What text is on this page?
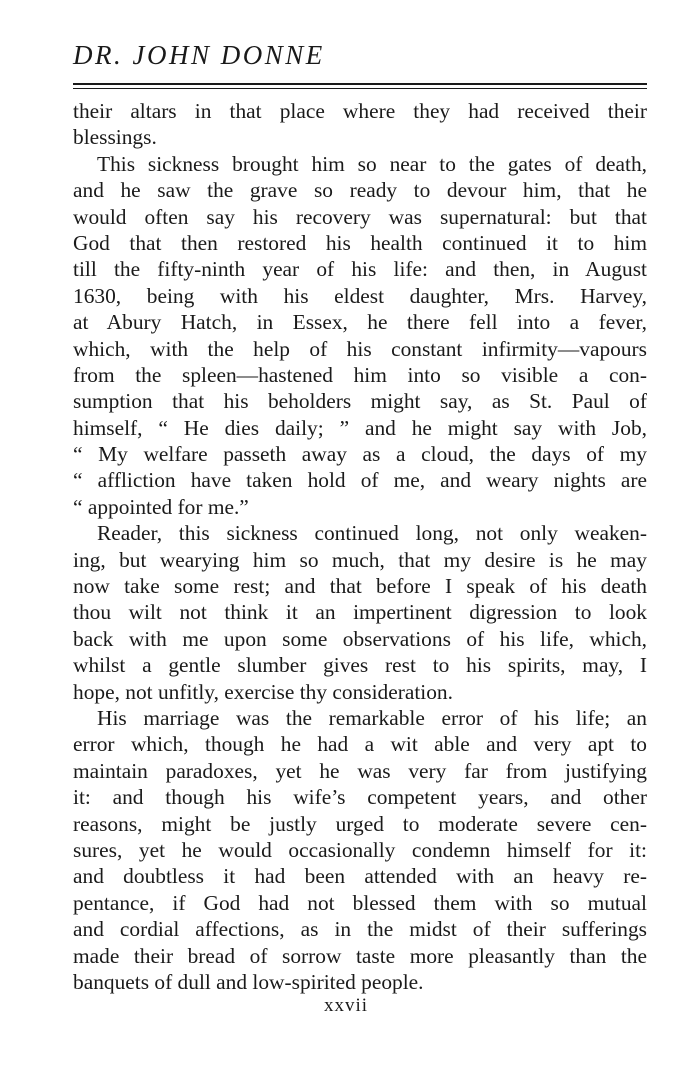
DR. JOHN DONNE
their altars in that place where they had received their
blessings.
This sickness brought him so near to the gates of death,
and he saw the grave so ready to devour him, that he
would often say his recovery was supernatural: but that
God that then restored his health continued it to him
till the fifty-ninth year of his life: and then, in August
1630, being with his eldest daughter, Mrs. Harvey,
at Abury Hatch, in Essex, he there fell into a fever,
which, with the help of his constant infirmity—vapours
from the spleen—hastened him into so visible a con-
sumption that his beholders might say, as St. Paul of
himself, “ He dies daily; ” and he might say with Job,
“ My welfare passeth away as a cloud, the days of my
“ affliction have taken hold of me, and weary nights are
“ appointed for me.”
Reader, this sickness continued long, not only weaken-
ing, but wearying him so much, that my desire is he may
now take some rest; and that before I speak of his death
thou wilt not think it an impertinent digression to look
back with me upon some observations of his life, which,
whilst a gentle slumber gives rest to his spirits, may, I
hope, not unfitly, exercise thy consideration.
His marriage was the remarkable error of his life; an
error which, though he had a wit able and very apt to
maintain paradoxes, yet he was very far from justifying
it: and though his wife’s competent years, and other
reasons, might be justly urged to moderate severe cen-
sures, yet he would occasionally condemn himself for it:
and doubtless it had been attended with an heavy re-
pentance, if God had not blessed them with so mutual
and cordial affections, as in the midst of their sufferings
made their bread of sorrow taste more pleasantly than the
banquets of dull and low-spirited people.
xxvii
